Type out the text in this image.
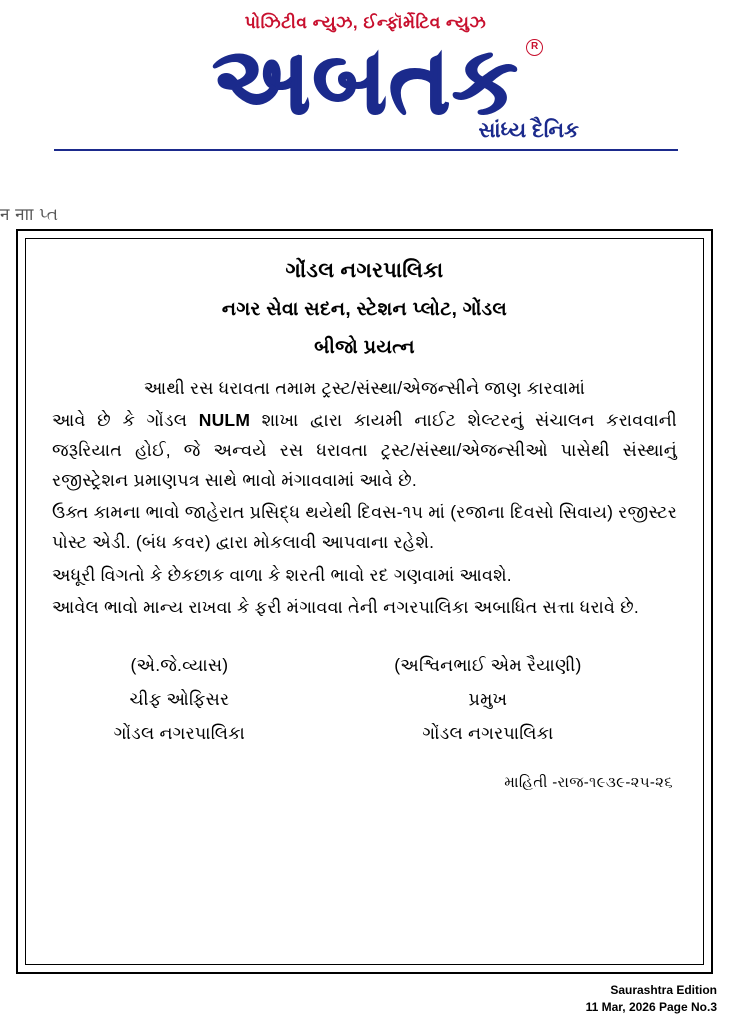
પોઝિટીવ ન્યુઝ, ઈન્ફૉર્મેટિવ ન્યુઝ
અબતક	R
સાંધ્ય દૈનિક
न नाा પ્ત
ગોંડલ નગરપાલિકા
નગર સેવા સદન, સ્ટેશન પ્લોટ, ગોંડલ
બીજો પ્રયત્ન

આથી રસ ધરાવતા તમામ ટ્રસ્ટ/સંસ્થા/એજન્સીને જાણ કારવામાં

આવે છે કે ગોંડલ NULM શાખા દ્વારા કાયમી નાઈટ શેલ્ટરનું સંચાલન કરાવવાની જરૂરિયાત હોઈ, જે અન્વયે રસ ધરાવતા ટ્રસ્ટ/સંસ્થા/એજન્સીઓ પાસેથી સંસ્થાનું રજીસ્ટ્રેશન પ્રમાણપત્ર સાથે ભાવો મંગાવવામાં આવે છે.

ઉક્ત કામના ભાવો જાહેરાત પ્રસિદ્ધ થયેથી દિવસ-૧૫ માં (રજાના દિવસો સિવાય) રજીસ્ટર પોસ્ટ એડી. (બંધ કવર) દ્વારા મોકલાવી આપવાના રહેશે.

અધૂરી વિગતો કે છેકછાક વાળા કે શરતી ભાવો રદ ગણવામાં આવશે.

આવેલ ભાવો માન્ય રાખવા કે ફરી મંગાવવા તેની નગરપાલિકા અબાધિત સત્તા ધરાવે છે.

(એ.જે.વ્યાસ)
ચીફ ઓફિસર
ગોંડલ નગરપાલિકા
(અશ્વિનભાઈ એમ રૈયાણી)
પ્રમુખ
ગોંડલ નગરપાલિકા
માહિતી -રાજ-૧૯૩૯-૨૫-૨૬
Saurashtra Edition
11 Mar, 2026 Page No.3
